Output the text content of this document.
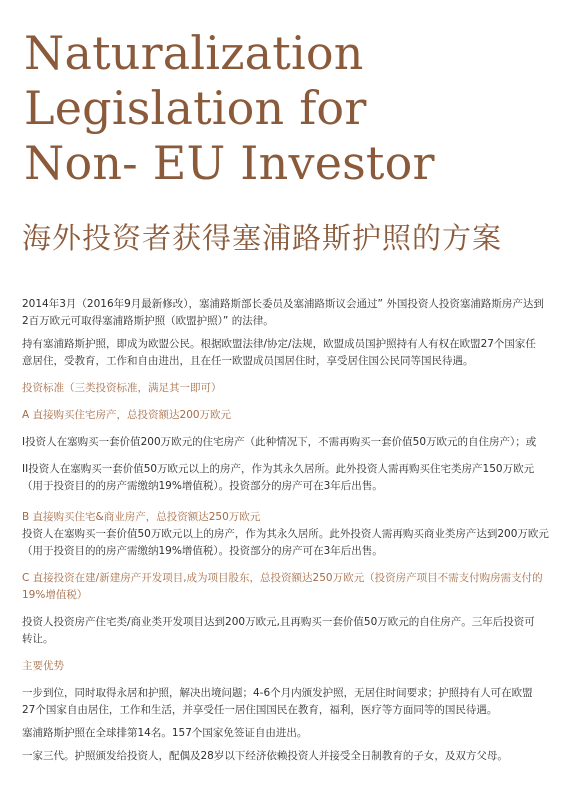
Naturalization
Legislation for
Non- EU Investor
海外投资者获得塞浦路斯护照的方案

2014年3月（2016年9月最新修改），塞浦路斯部长委员及塞浦路斯议会通过” 外国投资人投资塞浦路斯房产达到

2百万欧元可取得塞浦路斯护照（欧盟护照）” 的法律。

持有塞浦路斯护照，即成为欧盟公民。根据欧盟法律/协定/法规，欧盟成员国护照持有人有权在欧盟27个国家任

意居住，受教育，工作和自由进出，且在任一欧盟成员国居住时，享受居住国公民同等国民待遇。

投资标准（三类投资标准，满足其一即可）

A 直接购买住宅房产，总投资额达200万欧元

I投资人在塞购买一套价值200万欧元的住宅房产（此种情况下，不需再购买一套价值50万欧元的自住房产）；或

II投资人在塞购买一套价值50万欧元以上的房产，作为其永久居所。此外投资人需再购买住宅类房产150万欧元

（用于投资目的的房产需缴纳19%增值税）。投资部分的房产可在3年后出售。

B 直接购买住宅&商业房产，总投资额达250万欧元

投资人在塞购买一套价值50万欧元以上的房产，作为其永久居所。此外投资人需再购买商业类房产达到200万欧元

（用于投资目的的房产需缴纳19%增值税）。投资部分的房产可在3年后出售。

C 直接投资在建/新建房产开发项目,成为项目股东，总投资额达250万欧元（投资房产项目不需支付购房需支付的

19%增值税）

投资人投资房产住宅类/商业类开发项目达到200万欧元,且再购买一套价值50万欧元的自住房产。三年后投资可

转让。

主要优势

一步到位，同时取得永居和护照，解决出境问题；4-6个月内颁发护照，无居住时间要求；护照持有人可在欧盟

27个国家自由居住，工作和生活，并享受任一居住国国民在教育，福利，医疗等方面同等的国民待遇。

塞浦路斯护照在全球排第14名。157个国家免签证自由进出。

一家三代。护照颁发给投资人，配偶及28岁以下经济依赖投资人并接受全日制教育的子女，及双方父母。
